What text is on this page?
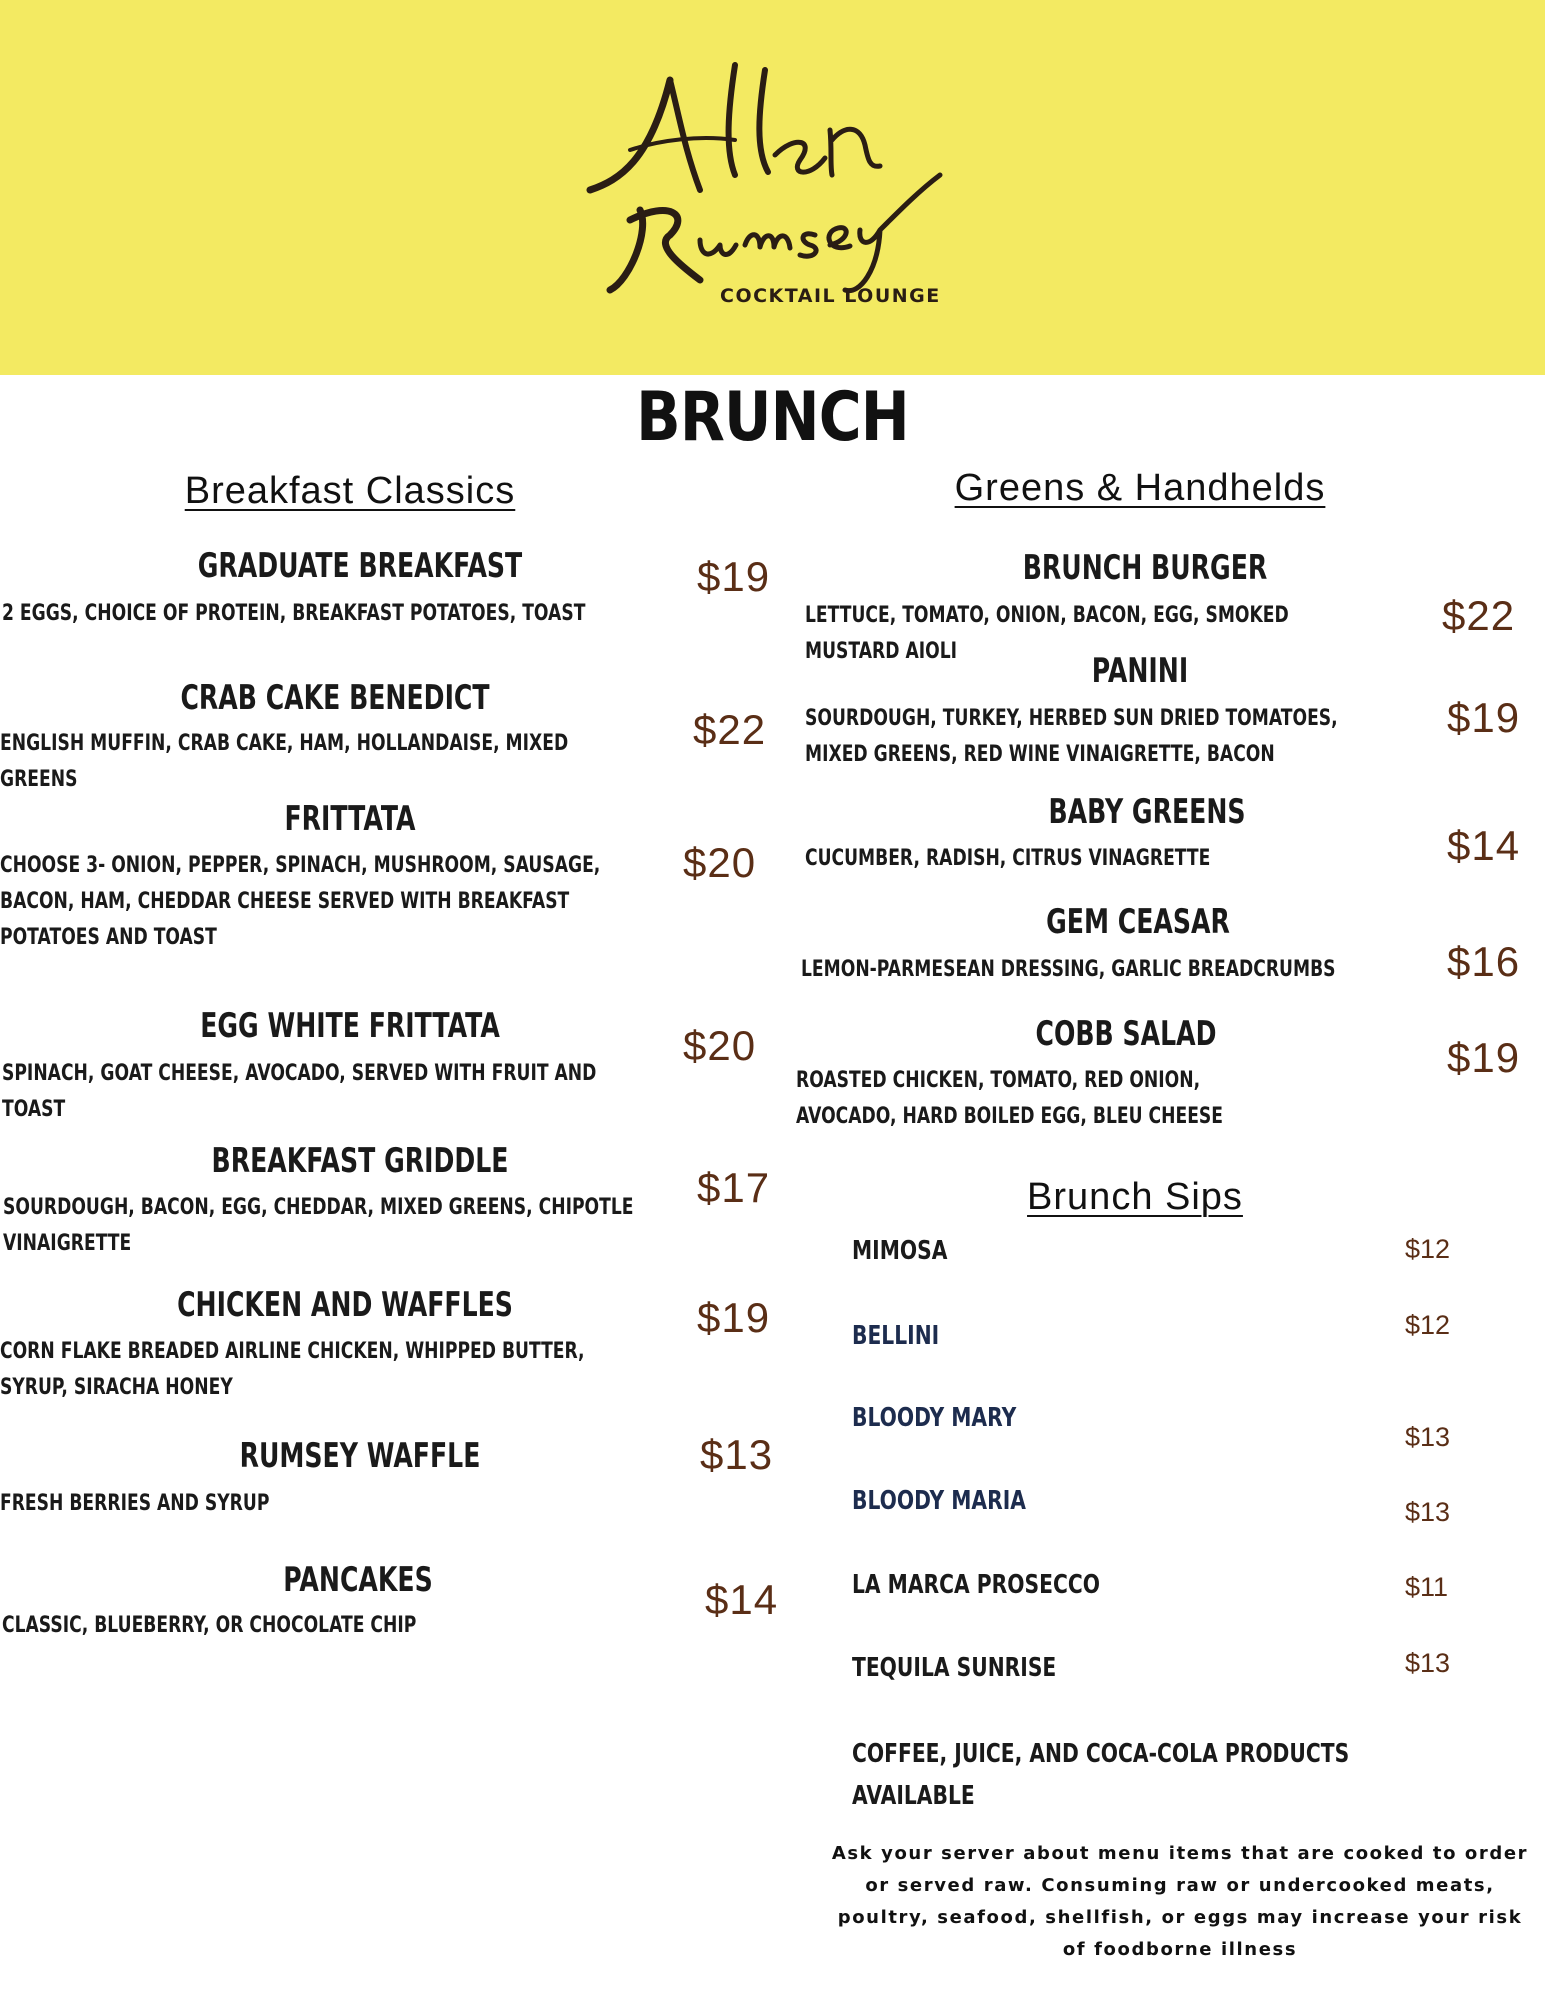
COCKTAIL LOUNGE
BRUNCH
Breakfast Classics	Greens & Handhelds
Brunch Sips
GRADUATE BREAKFAST
2 EGGS, CHOICE OF PROTEIN, BREAKFAST POTATOES, TOAST
$19
CRAB CAKE BENEDICT
ENGLISH MUFFIN, CRAB CAKE, HAM, HOLLANDAISE, MIXED GREENS
$22
FRITTATA
CHOOSE 3- ONION, PEPPER, SPINACH, MUSHROOM, SAUSAGE, BACON, HAM, CHEDDAR CHEESE SERVED WITH BREAKFAST POTATOES AND TOAST
$20
EGG WHITE FRITTATA
SPINACH, GOAT CHEESE, AVOCADO, SERVED WITH FRUIT AND TOAST
$20
BREAKFAST GRIDDLE
SOURDOUGH, BACON, EGG, CHEDDAR, MIXED GREENS, CHIPOTLE VINAIGRETTE
$17
CHICKEN AND WAFFLES
CORN FLAKE BREADED AIRLINE CHICKEN, WHIPPED BUTTER, SYRUP, SIRACHA HONEY
$19
RUMSEY WAFFLE
FRESH BERRIES AND SYRUP
$13
PANCAKES
CLASSIC, BLUEBERRY, OR CHOCOLATE CHIP
$14
BRUNCH BURGER
LETTUCE, TOMATO, ONION, BACON, EGG, SMOKED MUSTARD AIOLI
$22
PANINI
SOURDOUGH, TURKEY, HERBED SUN DRIED TOMATOES, MIXED GREENS, RED WINE VINAIGRETTE, BACON
$19
BABY GREENS
CUCUMBER, RADISH, CITRUS VINAGRETTE	$14
GEM CEASAR
LEMON-PARMESEAN DRESSING, GARLIC BREADCRUMBS	$16
COBB SALAD
ROASTED CHICKEN, TOMATO, RED ONION, AVOCADO, HARD BOILED EGG, BLEU CHEESE
$19
MIMOSA	$12
BELLINI	$12
BLOODY MARY
$13
BLOODY MARIA	$13
LA MARCA PROSECCO	$11
TEQUILA SUNRISE	$13
COFFEE, JUICE, AND COCA-COLA PRODUCTS AVAILABLE
Ask your server about menu items that are cooked to order or served raw. Consuming raw or undercooked meats, poultry, seafood, shellfish, or eggs may increase your risk of foodborne illness
